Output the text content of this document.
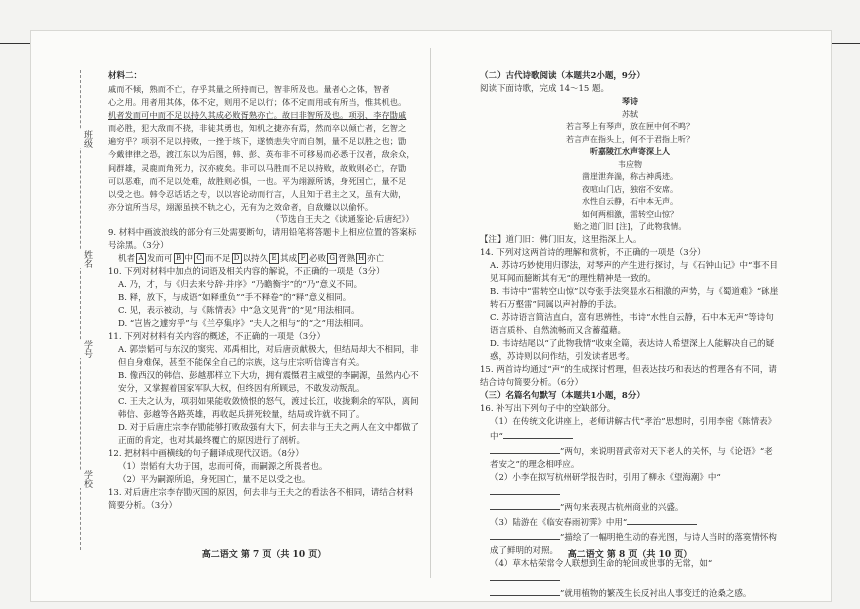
班级
姓名
学号
学校

材料二：

戚而不倾，熟而不亡，存乎其量之所持而已，智非所及也。量者心之体，智者

心之用。用者用其体，体不定，则用不足以行；体不定而用或有所当，惟其机也。

机者发而可中而不足以持久其成必败胥熟亦亡。故曰非智所及也。项羽、李存勖戚

而必胜，犯大敌而不挠，非徒其勇也，知机之捷亦有焉，然而卒以倾亡者，乞智之

遍穷乎？项羽不足以持败，一挫于垓下，遂愤恚失守而自刎，量不足以胜之也；勖

今戴律律之恐，渡江东以为后图，韩、彭、英布非不可移易而必悉于汉者，敌余众，

间群雄，灵鹿而角死力，汉亦疲矣。非可以马胜而不足以持败，故败则必亡，存勖

可以恶难，而不足以处难，故胜则必惧，一也。平为翊源所诱，身死国亡，量不足

以受之也。韩令忍话话之专，以以容论动而行言，人且知于君主之又，虽有大勋，

亦分谊所当尽，翊源虽挟不轨之心，无有为之效命者，自敌赚以以偷怀。

（节选自王夫之《读通鉴论·后唐纪》）

9. 材料中画波浪线的部分有三处需要断句，请用铅笔将答题卡上相应位置的答案标号涂黑。（3分）

机者 A 发而可 B 中 C 而不足 D 以持久 E 其成 F 必败 G 胥熟 H 亦亡

10. 下列对材料中加点的词语及相关内容的解说，不正确的一项是（3分）

A. 乃，才，与《归去来兮辞·并序》“乃瞻衡宇”的“乃”意义不同。

B. 释，放下，与成语“如释重负”“手不释卷”的“释”意义相同。

C. 见，表示被动，与《陈情表》中“急文见背”的“见”用法相同。

D. “岂皆之遽穷乎”与《兰亭集序》“夫人之相与”的“之”用法相同。

11. 下列对材料有关内容的概述，不正确的一项是（3分）

A. 郭崇韬可与东汉的窦宪、邓禹相比，对后唐贡献极大，但结局却大不相同，非但自身难保，甚至不能保全自己的宗族，这与庄宗听信谗言有关。

B. 像西汉的韩信、彭越那样立下大功，拥有震慑君主威望的李嗣源，虽然内心不安分，又掌握着国家军队大权，但终因有所顾忌，不敢发动叛乱。

C. 王夫之认为，项羽如果能收敛愤恨的怒气，渡过长江，收拢剩余的军队，离间韩信、彭越等各路英雄，再收起兵拼死较量，结局或许就不同了。

D. 对于后唐庄宗李存勖能够打败敌强有大下，何去非与王夫之两人在文中都做了正面的肯定，也对其最终覆亡的原因进行了剖析。

12. 把材料中画横线的句子翻译成现代汉语。（8分）

（1）崇韬有大功于国，忠而可倚，而嗣源之所畏者也。

（2）平为嗣源所追，身死国亡，量不足以受之也。

13. 对后唐庄宗李存勖灭国的原因，何去非与王夫之的看法各不相同，请结合材料简要分析。（3分）

（二）古代诗歌阅读（本题共2小题，9分）

阅读下面诗歌，完成 14～15 题。

琴诗

苏轼

若言琴上有琴声，放在匣中何不鸣？

若言声在指头上，何不于君指上听？

听嘉陵江水声寄深上人

韦应物

凿崖泄奔湍，称古神禹迹。

夜喧山门店，独宿不安席。

水性自云静，石中本无声。

如何两相激，雷转空山惊？

贻之道门旧 [注]，了此物我情。

【注】道门旧：佛门旧友，这里指深上人。

14. 下列对这两首诗的理解和赏析，不正确的一项是（3分）

A. 苏诗巧妙使用归谬法，对琴声的产生进行探讨，与《石钟山记》中“事不目见耳闻而臆断其有无”的理性精神是一致的。

B. 韦诗中“雷转空山惊”以夸张手法突显水石相激的声势，与《蜀道难》“砯崖转石万壑雷”同属以声衬静的手法。

C. 苏诗语言简洁直白，富有思辨性，韦诗“水性自云静，石中本无声”等诗句语言质朴、自然流畅而又含蓄蕴藉。

D. 韦诗结尾以“了此物我情”收束全篇，表达诗人希望深上人能解决自己的疑惑，苏诗则以问作结，引发读者思考。

15. 两首诗均通过“声”的生成探讨哲理，但表达技巧和表达的哲理各有不同，请结合诗句简要分析。（6分）

（三）名篇名句默写（本题共1小题，8分）

16. 补写出下列句子中的空缺部分。

（1）在传统文化讲座上，老师讲解古代“孝治”思想时，引用李密《陈情表》中“

”两句，来说明晋武帝对天下老人的关怀，与《论语》“老者安之”的理念相呼应。

（2）小李在拟写杭州研学报告时，引用了柳永《望海潮》中“

”两句来表现古杭州商业的兴盛。

（3）陆游在《临安春雨初霁》中用“

”描绘了一幅明艳生动的春光图，与诗人当时的落寞情怀构成了鲜明的对照。

（4）草木枯荣常令人联想到生命的轮回或世事的无常，如“

”就用植物的繁茂生长反衬出人事变迁的沧桑之感。

高二语文 第 7 页（共 10 页）	高二语文 第 8 页（共 10 页）
